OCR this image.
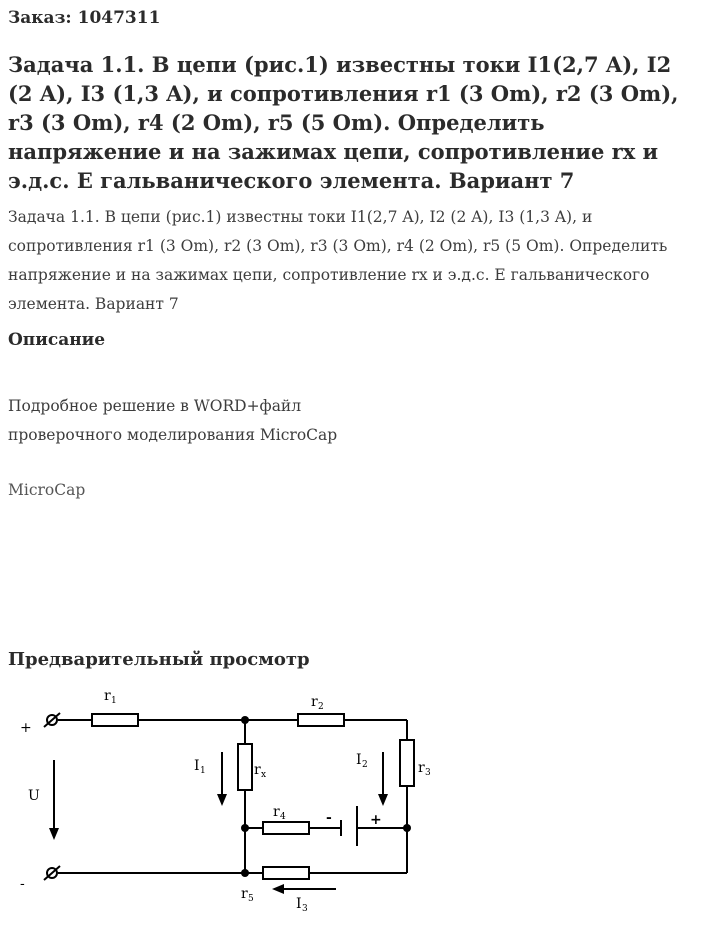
Заказ: 1047311
Задача 1.1. В цепи (рис.1) известны токи I1(2,7 A), I2 (2 A), I3 (1,3 A), и сопротивления r1 (3 Om), r2 (3 Om), r3 (3 Om), r4 (2 Om), r5 (5 Om). Определить напряжение и на зажимах цепи, сопротивление rx и э.д.с. E гальванического элемента. Вариант 7
Задача 1.1. В цепи (рис.1) известны токи I1(2,7 A), I2 (2 A), I3 (1,3 A), и сопротивления r1 (3 Om), r2 (3 Om), r3 (3 Om), r4 (2 Om), r5 (5 Om). Определить напряжение и на зажимах цепи, сопротивление rx и э.д.с. E гальванического элемента. Вариант 7
Описание
Подробное решение в WORD+файл
проверочного моделирования MicroCap
MicroCap
Предварительный просмотр
+
-
U
r 1	r 2
r 3
r 4
r 5
r x
I 1
I 2
I 3
-	+
